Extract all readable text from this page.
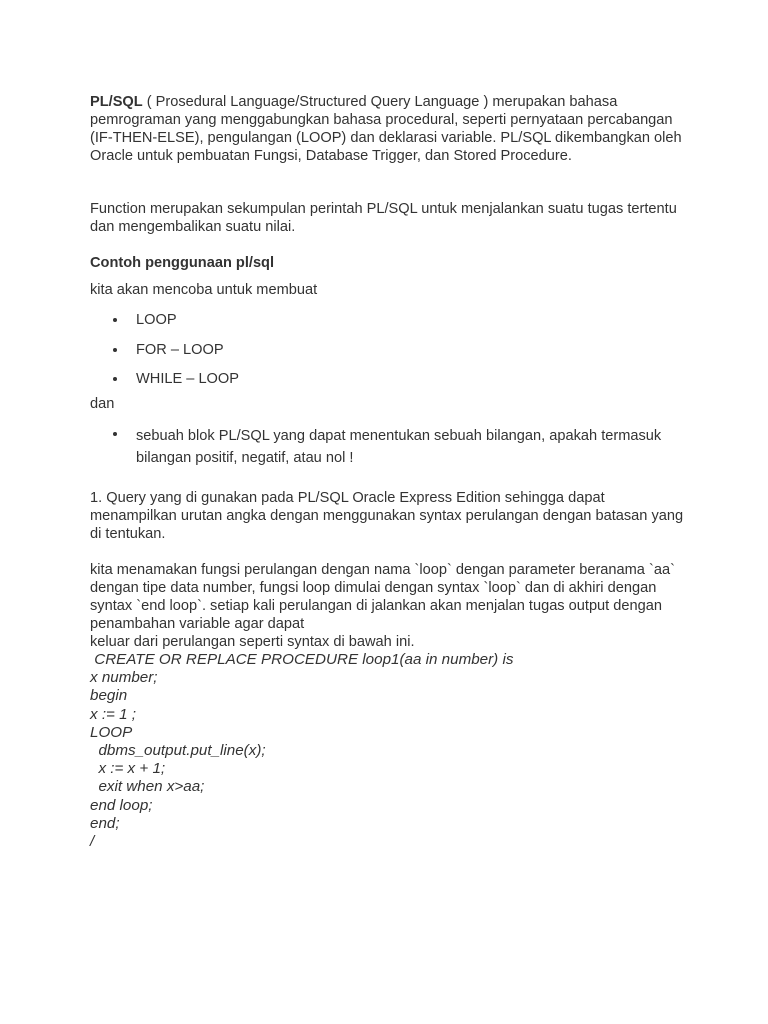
PL/SQL ( Prosedural Language/Structured Query Language ) merupakan bahasa pemrograman yang menggabungkan bahasa procedural, seperti pernyataan percabangan (IF-THEN-ELSE), pengulangan (LOOP) dan deklarasi variable. PL/SQL dikembangkan oleh Oracle untuk pembuatan Fungsi, Database Trigger, dan Stored Procedure.

Function merupakan sekumpulan perintah PL/SQL untuk menjalankan suatu tugas tertentu dan mengembalikan suatu nilai.

Contoh penggunaan pl/sql

kita akan mencoba untuk membuat

LOOP
FOR – LOOP
WHILE – LOOP

dan

sebuah blok PL/SQL yang dapat menentukan sebuah bilangan, apakah termasuk bilangan positif, negatif, atau nol !

1. Query yang di gunakan pada PL/SQL Oracle Express Edition sehingga dapat menampilkan urutan angka dengan menggunakan syntax perulangan dengan batasan yang di tentukan.

kita menamakan fungsi perulangan dengan nama `loop` dengan parameter beranama `aa` dengan tipe data number, fungsi loop dimulai dengan syntax `loop` dan di akhiri dengan syntax `end loop`. setiap kali perulangan di jalankan akan menjalan tugas output dengan penambahan variable agar dapat
keluar dari perulangan seperti syntax di bawah ini.

CREATE OR REPLACE PROCEDURE loop1(aa in number) is
x number;
begin
x := 1 ;
LOOP
dbms_output.put_line(x);
x := x + 1;
exit when x>aa;
end loop;
end;
/
